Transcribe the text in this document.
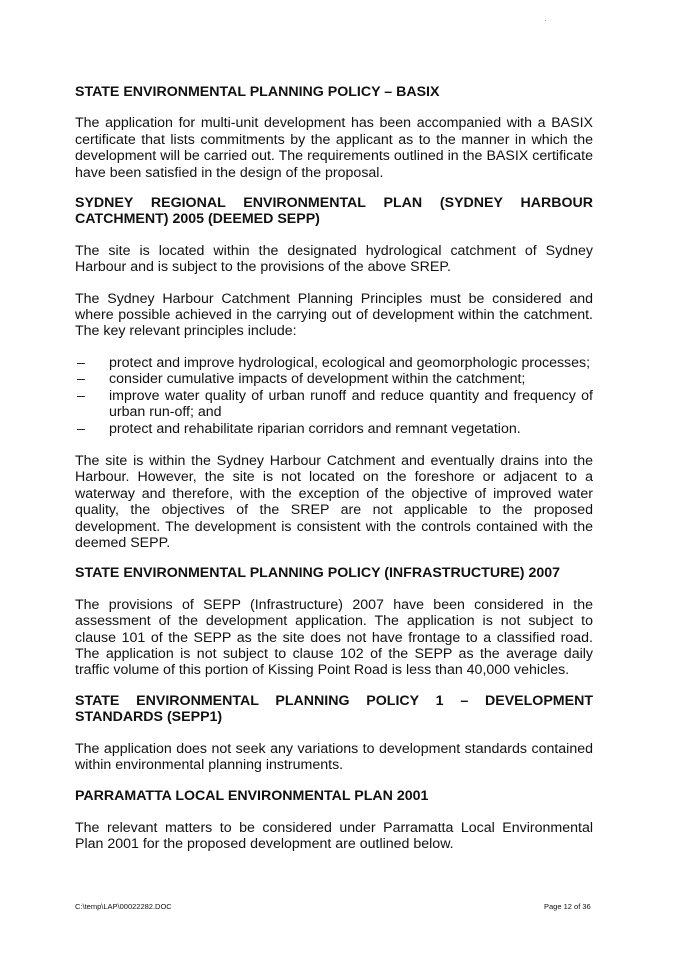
STATE ENVIRONMENTAL PLANNING POLICY – BASIX

The application for multi-unit development has been accompanied with a BASIX certificate that lists commitments by the applicant as to the manner in which the development will be carried out. The requirements outlined in the BASIX certificate have been satisfied in the design of the proposal.

SYDNEY REGIONAL ENVIRONMENTAL PLAN (SYDNEY HARBOUR CATCHMENT) 2005 (DEEMED SEPP)

The site is located within the designated hydrological catchment of Sydney Harbour and is subject to the provisions of the above SREP.

The Sydney Harbour Catchment Planning Principles must be considered and where possible achieved in the carrying out of development within the catchment. The key relevant principles include:

– protect and improve hydrological, ecological and geomorphologic processes;
– consider cumulative impacts of development within the catchment;
– improve water quality of urban runoff and reduce quantity and frequency of urban run-off; and
– protect and rehabilitate riparian corridors and remnant vegetation.

The site is within the Sydney Harbour Catchment and eventually drains into the Harbour. However, the site is not located on the foreshore or adjacent to a waterway and therefore, with the exception of the objective of improved water quality, the objectives of the SREP are not applicable to the proposed development. The development is consistent with the controls contained with the deemed SEPP.

STATE ENVIRONMENTAL PLANNING POLICY (INFRASTRUCTURE) 2007

The provisions of SEPP (Infrastructure) 2007 have been considered in the assessment of the development application. The application is not subject to clause 101 of the SEPP as the site does not have frontage to a classified road. The application is not subject to clause 102 of the SEPP as the average daily traffic volume of this portion of Kissing Point Road is less than 40,000 vehicles.

STATE ENVIRONMENTAL PLANNING POLICY 1 – DEVELOPMENT STANDARDS (SEPP1)

The application does not seek any variations to development standards contained within environmental planning instruments.

PARRAMATTA LOCAL ENVIRONMENTAL PLAN 2001

The relevant matters to be considered under Parramatta Local Environmental Plan 2001 for the proposed development are outlined below.

C:\temp\LAP\00022282.DOC	Page 12 of 36
